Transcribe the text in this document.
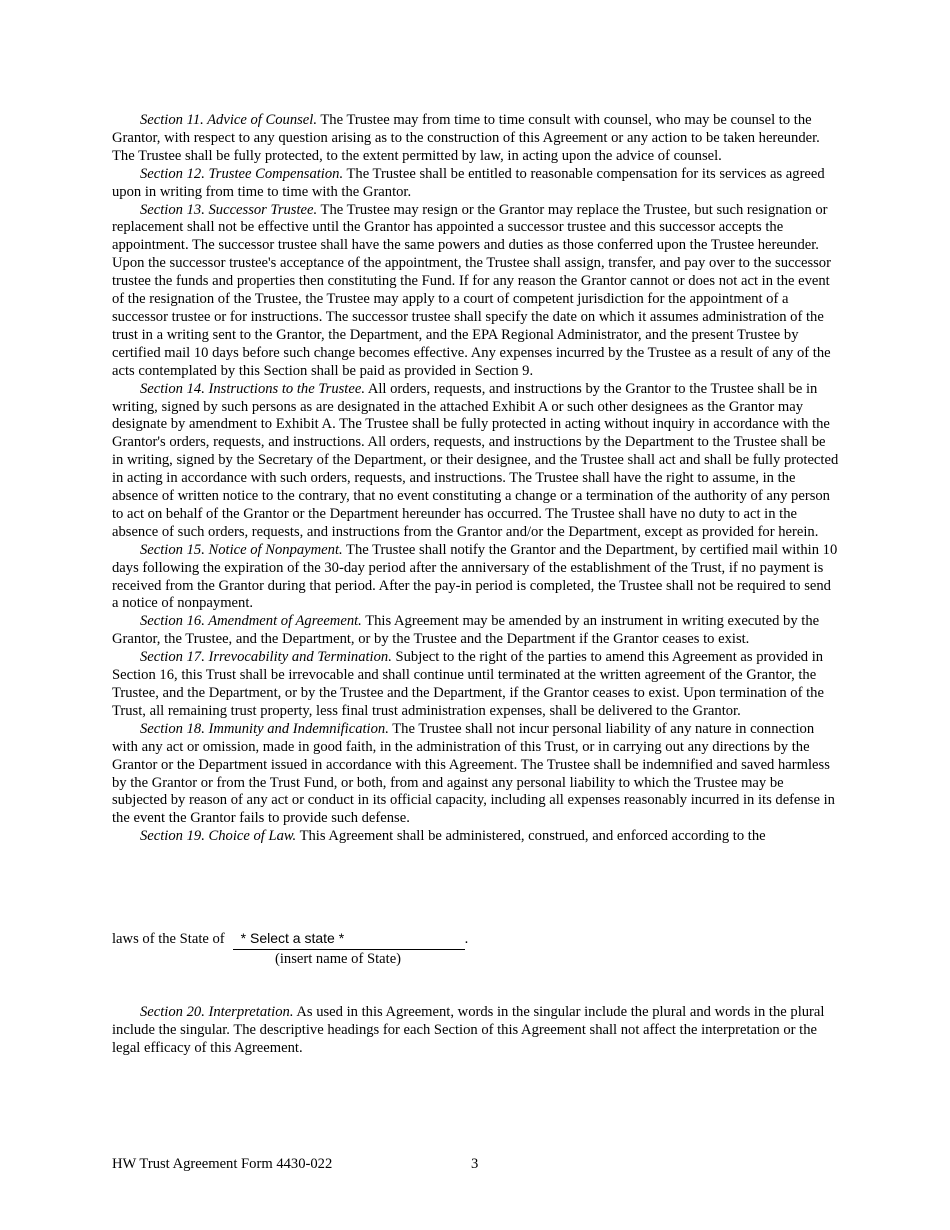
Section 11. Advice of Counsel. The Trustee may from time to time consult with counsel, who may be counsel to the Grantor, with respect to any question arising as to the construction of this Agreement or any action to be taken hereunder. The Trustee shall be fully protected, to the extent permitted by law, in acting upon the advice of counsel.

Section 12. Trustee Compensation. The Trustee shall be entitled to reasonable compensation for its services as agreed upon in writing from time to time with the Grantor.

Section 13. Successor Trustee. The Trustee may resign or the Grantor may replace the Trustee, but such resignation or replacement shall not be effective until the Grantor has appointed a successor trustee and this successor accepts the appointment. The successor trustee shall have the same powers and duties as those conferred upon the Trustee hereunder. Upon the successor trustee's acceptance of the appointment, the Trustee shall assign, transfer, and pay over to the successor trustee the funds and properties then constituting the Fund. If for any reason the Grantor cannot or does not act in the event of the resignation of the Trustee, the Trustee may apply to a court of competent jurisdiction for the appointment of a successor trustee or for instructions. The successor trustee shall specify the date on which it assumes administration of the trust in a writing sent to the Grantor, the Department, and the EPA Regional Administrator, and the present Trustee by certified mail 10 days before such change becomes effective. Any expenses incurred by the Trustee as a result of any of the acts contemplated by this Section shall be paid as provided in Section 9.

Section 14. Instructions to the Trustee. All orders, requests, and instructions by the Grantor to the Trustee shall be in writing, signed by such persons as are designated in the attached Exhibit A or such other designees as the Grantor may designate by amendment to Exhibit A. The Trustee shall be fully protected in acting without inquiry in accordance with the Grantor's orders, requests, and instructions. All orders, requests, and instructions by the Department to the Trustee shall be in writing, signed by the Secretary of the Department, or their designee, and the Trustee shall act and shall be fully protected in acting in accordance with such orders, requests, and instructions. The Trustee shall have the right to assume, in the absence of written notice to the contrary, that no event constituting a change or a termination of the authority of any person to act on behalf of the Grantor or the Department hereunder has occurred. The Trustee shall have no duty to act in the absence of such orders, requests, and instructions from the Grantor and/or the Department, except as provided for herein.

Section 15. Notice of Nonpayment. The Trustee shall notify the Grantor and the Department, by certified mail within 10 days following the expiration of the 30-day period after the anniversary of the establishment of the Trust, if no payment is received from the Grantor during that period. After the pay-in period is completed, the Trustee shall not be required to send a notice of nonpayment.

Section 16. Amendment of Agreement. This Agreement may be amended by an instrument in writing executed by the Grantor, the Trustee, and the Department, or by the Trustee and the Department if the Grantor ceases to exist.

Section 17. Irrevocability and Termination. Subject to the right of the parties to amend this Agreement as provided in Section 16, this Trust shall be irrevocable and shall continue until terminated at the written agreement of the Grantor, the Trustee, and the Department, or by the Trustee and the Department, if the Grantor ceases to exist. Upon termination of the Trust, all remaining trust property, less final trust administration expenses, shall be delivered to the Grantor.

Section 18. Immunity and Indemnification. The Trustee shall not incur personal liability of any nature in connection with any act or omission, made in good faith, in the administration of this Trust, or in carrying out any directions by the Grantor or the Department issued in accordance with this Agreement. The Trustee shall be indemnified and saved harmless by the Grantor or from the Trust Fund, or both, from and against any personal liability to which the Trustee may be subjected by reason of any act or conduct in its official capacity, including all expenses reasonably incurred in its defense in the event the Grantor fails to provide such defense.

Section 19. Choice of Law. This Agreement shall be administered, construed, and enforced according to the

laws of the State of * Select a state *	.
(insert name of State)

Section 20. Interpretation. As used in this Agreement, words in the singular include the plural and words in the plural include the singular. The descriptive headings for each Section of this Agreement shall not affect the interpretation or the legal efficacy of this Agreement.

HW Trust Agreement Form 4430-022	3
